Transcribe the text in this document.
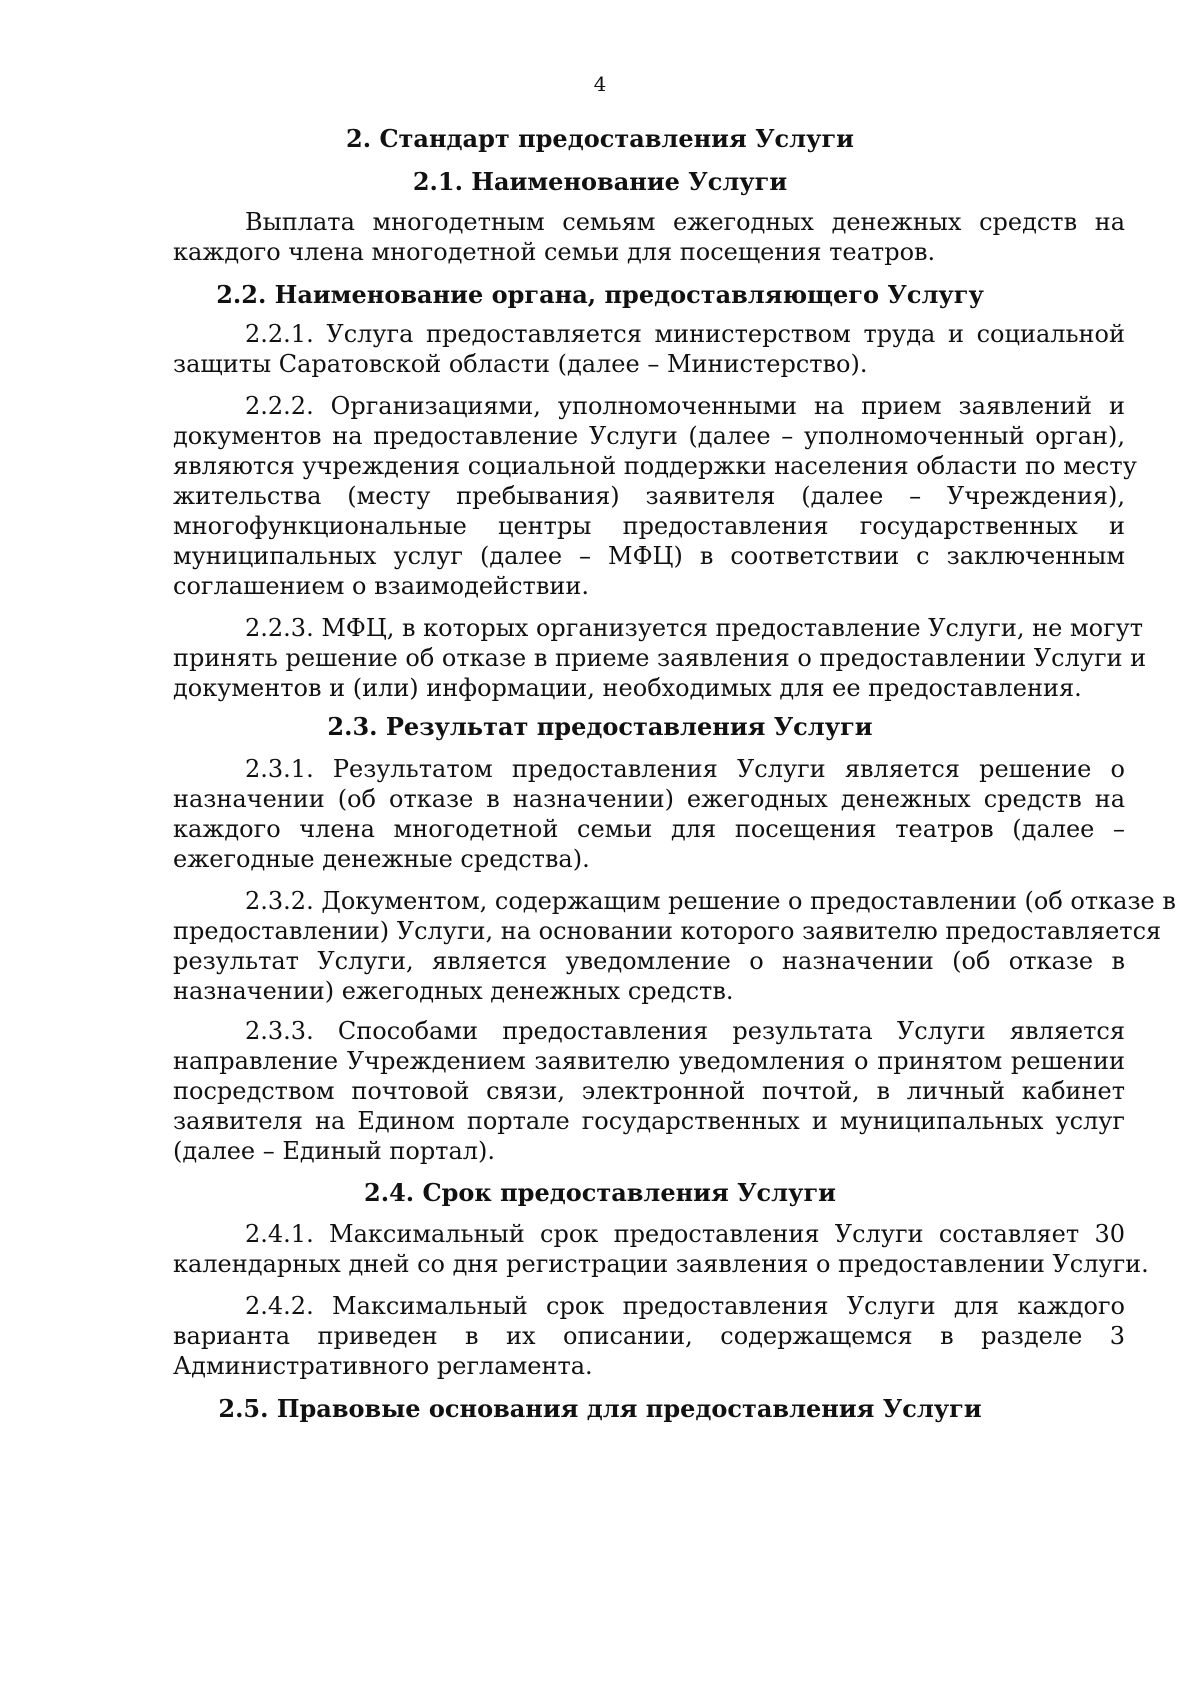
4
2. Стандарт предоставления Услуги
2.1. Наименование Услуги
Выплата многодетным семьям ежегодных денежных средств на
каждого члена многодетной семьи для посещения театров.
2.2. Наименование органа, предоставляющего Услугу
2.2.1. Услуга предоставляется министерством труда и социальной
защиты Саратовской области (далее – Министерство).
2.2.2. Организациями, уполномоченными на прием заявлений и
документов на предоставление Услуги (далее – уполномоченный орган),
являются учреждения социальной поддержки населения области по месту
жительства (месту пребывания) заявителя (далее – Учреждения),
многофункциональные центры предоставления государственных и
муниципальных услуг (далее – МФЦ) в соответствии с заключенным
соглашением о взаимодействии.
2.2.3. МФЦ, в которых организуется предоставление Услуги, не могут
принять решение об отказе в приеме заявления о предоставлении Услуги и
документов и (или) информации, необходимых для ее предоставления.
2.3. Результат предоставления Услуги
2.3.1. Результатом предоставления Услуги является решение о
назначении (об отказе в назначении) ежегодных денежных средств на
каждого члена многодетной семьи для посещения театров (далее –
ежегодные денежные средства).
2.3.2. Документом, содержащим решение о предоставлении (об отказе в
предоставлении) Услуги, на основании которого заявителю предоставляется
результат Услуги, является уведомление о назначении (об отказе в
назначении) ежегодных денежных средств.
2.3.3. Способами предоставления результата Услуги является
направление Учреждением заявителю уведомления о принятом решении
посредством почтовой связи, электронной почтой, в личный кабинет
заявителя на Едином портале государственных и муниципальных услуг
(далее – Единый портал).
2.4. Срок предоставления Услуги
2.4.1. Максимальный срок предоставления Услуги составляет 30
календарных дней со дня регистрации заявления о предоставлении Услуги.
2.4.2. Максимальный срок предоставления Услуги для каждого
варианта приведен в их описании, содержащемся в разделе 3
Административного регламента.
2.5. Правовые основания для предоставления Услуги
